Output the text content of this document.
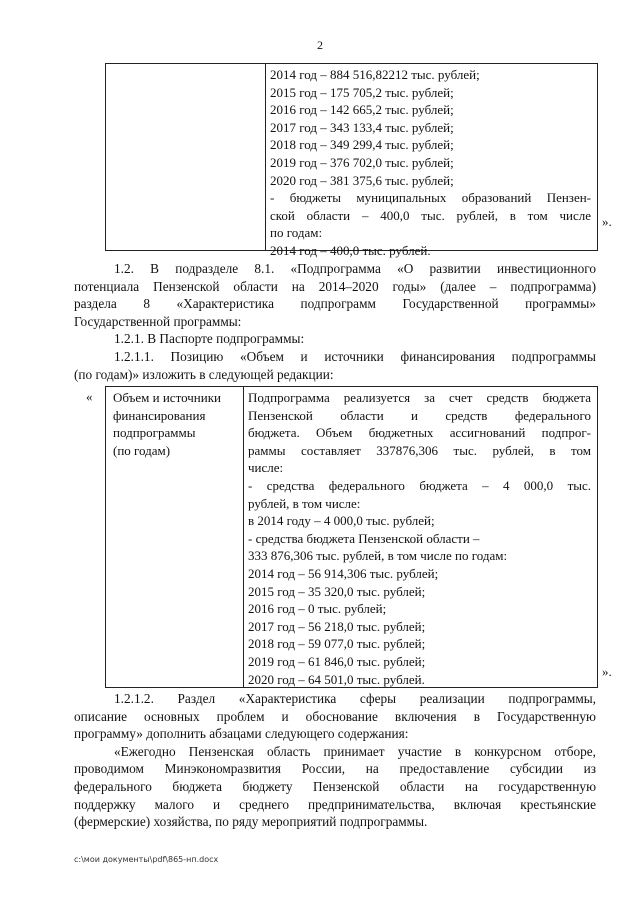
2
2014 год – 884 516,82212 тыс. рублей;
2015 год – 175 705,2 тыс. рублей;
2016 год – 142 665,2 тыс. рублей;
2017 год – 343 133,4 тыс. рублей;
2018 год – 349 299,4 тыс. рублей;
2019 год – 376 702,0 тыс. рублей;
2020 год – 381 375,6 тыс. рублей;
- бюджеты муниципальных образований Пензен-
ской области – 400,0 тыс. рублей, в том числе
по годам:
2014 год – 400,0 тыс. рублей.
».
1.2. В подразделе 8.1. «Подпрограмма «О развитии инвестиционного
потенциала Пензенской области на 2014–2020 годы» (далее – подпрограмма)
раздела 8 «Характеристика подпрограмм Государственной программы»
Государственной программы:
1.2.1. В Паспорте подпрограммы:
1.2.1.1. Позицию «Объем и источники финансирования подпрограммы
(по годам)» изложить в следующей редакции:
« Объем и источники
финансирования
подпрограммы
(по годам)
Подпрограмма реализуется за счет средств бюджета
Пензенской области и средств федерального
бюджета. Объем бюджетных ассигнований подпрог-
раммы составляет 337876,306 тыс. рублей, в том
числе:
- средства федерального бюджета – 4 000,0 тыс.
рублей, в том числе:
в 2014 году – 4 000,0 тыс. рублей;
- средства бюджета Пензенской области –
333 876,306 тыс. рублей, в том числе по годам:
2014 год – 56 914,306 тыс. рублей;
2015 год – 35 320,0 тыс. рублей;
2016 год – 0 тыс. рублей;
2017 год – 56 218,0 тыс. рублей;
2018 год – 59 077,0 тыс. рублей;
2019 год – 61 846,0 тыс. рублей;
2020 год – 64 501,0 тыс. рублей.	».
1.2.1.2. Раздел «Характеристика сферы реализации подпрограммы,
описание основных проблем и обоснование включения в Государственную
программу» дополнить абзацами следующего содержания:
«Ежегодно Пензенская область принимает участие в конкурсном отборе,
проводимом Минэкономразвития России, на предоставление субсидии из
федерального бюджета бюджету Пензенской области на государственную
поддержку малого и среднего предпринимательства, включая крестьянские
(фермерские) хозяйства, по ряду мероприятий подпрограммы.
c:\мои документы\pdf\865-нп.docx
